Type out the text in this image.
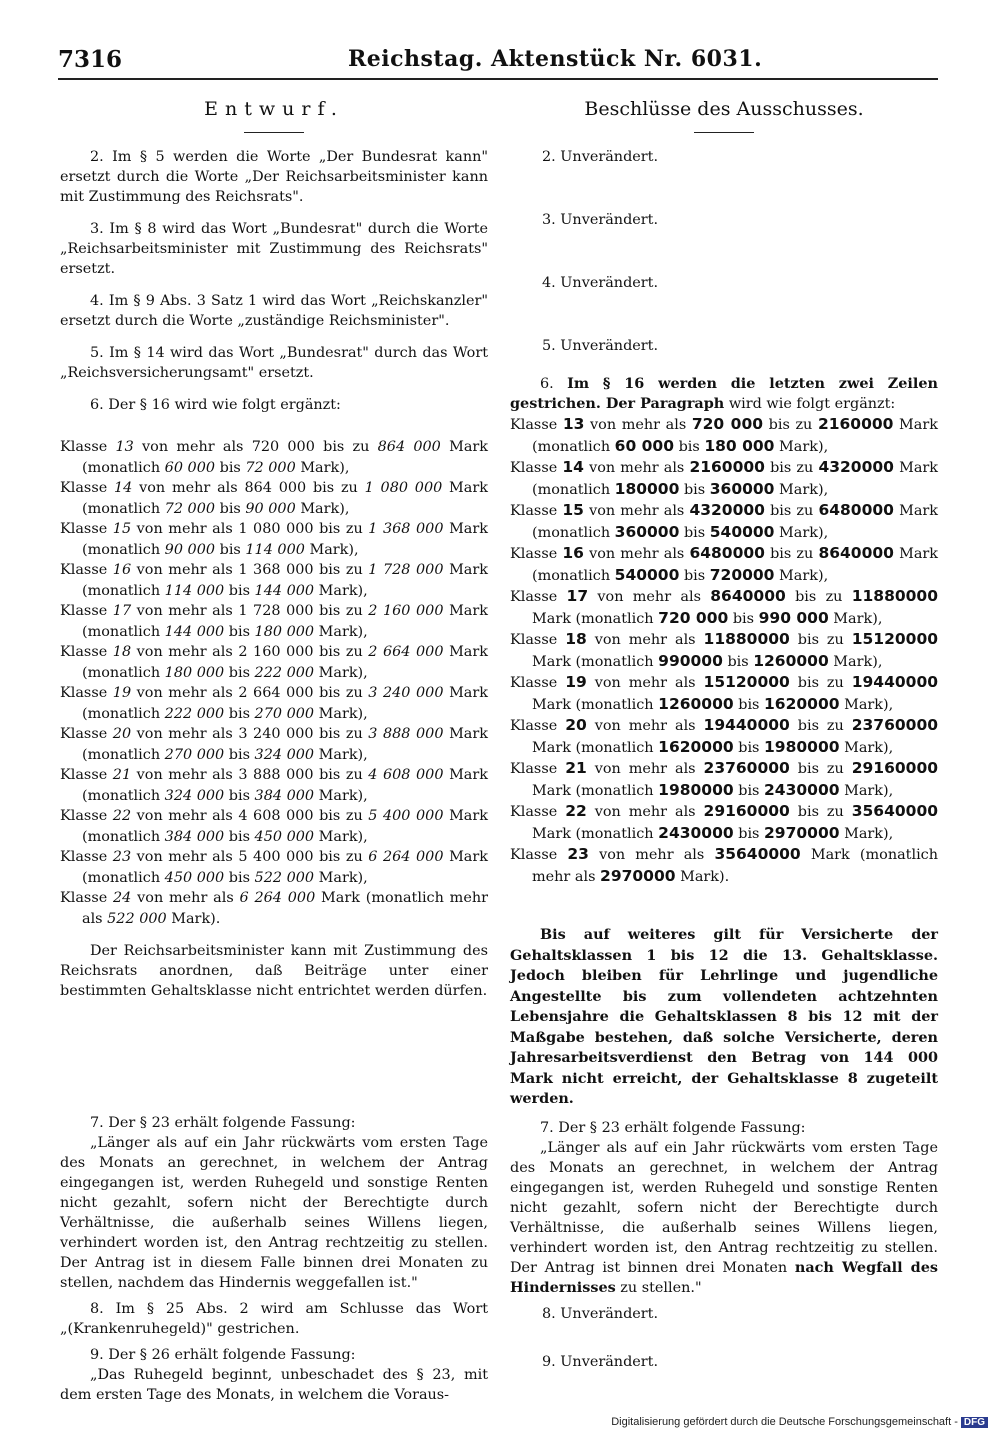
7316	Reichstag. Aktenstück Nr. 6031.
Entwurf.

2. Im § 5 werden die Worte „Der Bundesrat kann" ersetzt durch die Worte „Der Reichsarbeitsminister kann mit Zustimmung des Reichsrats".

3. Im § 8 wird das Wort „Bundesrat" durch die Worte „Reichsarbeitsminister mit Zustimmung des Reichsrats" ersetzt.

4. Im § 9 Abs. 3 Satz 1 wird das Wort „Reichskanzler" ersetzt durch die Worte „zuständige Reichsminister".

5. Im § 14 wird das Wort „Bundesrat" durch das Wort „Reichsversicherungsamt" ersetzt.

6. Der § 16 wird wie folgt ergänzt:

Klasse 13 von mehr als 720 000 bis zu 864 000 Mark (monatlich 60 000 bis 72 000 Mark),
Klasse 14 von mehr als 864 000 bis zu 1 080 000 Mark (monatlich 72 000 bis 90 000 Mark),
Klasse 15 von mehr als 1 080 000 bis zu 1 368 000 Mark (monatlich 90 000 bis 114 000 Mark),
Klasse 16 von mehr als 1 368 000 bis zu 1 728 000 Mark (monatlich 114 000 bis 144 000 Mark),
Klasse 17 von mehr als 1 728 000 bis zu 2 160 000 Mark (monatlich 144 000 bis 180 000 Mark),
Klasse 18 von mehr als 2 160 000 bis zu 2 664 000 Mark (monatlich 180 000 bis 222 000 Mark),
Klasse 19 von mehr als 2 664 000 bis zu 3 240 000 Mark (monatlich 222 000 bis 270 000 Mark),
Klasse 20 von mehr als 3 240 000 bis zu 3 888 000 Mark (monatlich 270 000 bis 324 000 Mark),
Klasse 21 von mehr als 3 888 000 bis zu 4 608 000 Mark (monatlich 324 000 bis 384 000 Mark),
Klasse 22 von mehr als 4 608 000 bis zu 5 400 000 Mark (monatlich 384 000 bis 450 000 Mark),
Klasse 23 von mehr als 5 400 000 bis zu 6 264 000 Mark (monatlich 450 000 bis 522 000 Mark),
Klasse 24 von mehr als 6 264 000 Mark (monatlich mehr als 522 000 Mark).

Der Reichsarbeitsminister kann mit Zustimmung des Reichsrats anordnen, daß Beiträge unter einer bestimmten Gehaltsklasse nicht entrichtet werden dürfen.

7. Der § 23 erhält folgende Fassung:

„Länger als auf ein Jahr rückwärts vom ersten Tage des Monats an gerechnet, in welchem der Antrag eingegangen ist, werden Ruhegeld und sonstige Renten nicht gezahlt, sofern nicht der Berechtigte durch Verhältnisse, die außerhalb seines Willens liegen, verhindert worden ist, den Antrag rechtzeitig zu stellen. Der Antrag ist in diesem Falle binnen drei Monaten zu stellen, nachdem das Hindernis weggefallen ist."

8. Im § 25 Abs. 2 wird am Schlusse das Wort „(Krankenruhegeld)" gestrichen.

9. Der § 26 erhält folgende Fassung:

„Das Ruhegeld beginnt, unbeschadet des § 23, mit dem ersten Tage des Monats, in welchem die Voraus-

Beschlüsse des Ausschusses.

2. Unverändert.

3. Unverändert.

4. Unverändert.

5. Unverändert.

6. Im § 16 werden die letzten zwei Zeilen gestrichen. Der Paragraph wird wie folgt ergänzt:

Klasse 13 von mehr als 720 000 bis zu 2160000 Mark (monatlich 60 000 bis 180 000 Mark),
Klasse 14 von mehr als 2160000 bis zu 4320000 Mark (monatlich 180000 bis 360000 Mark),
Klasse 15 von mehr als 4320000 bis zu 6480000 Mark (monatlich 360000 bis 540000 Mark),
Klasse 16 von mehr als 6480000 bis zu 8640000 Mark (monatlich 540000 bis 720000 Mark),
Klasse 17 von mehr als 8640000 bis zu 11880000 Mark (monatlich 720 000 bis 990 000 Mark),
Klasse 18 von mehr als 11880000 bis zu 15120000 Mark (monatlich 990000 bis 1260000 Mark),
Klasse 19 von mehr als 15120000 bis zu 19440000 Mark (monatlich 1260000 bis 1620000 Mark),
Klasse 20 von mehr als 19440000 bis zu 23760000 Mark (monatlich 1620000 bis 1980000 Mark),
Klasse 21 von mehr als 23760000 bis zu 29160000 Mark (monatlich 1980000 bis 2430000 Mark),
Klasse 22 von mehr als 29160000 bis zu 35640000 Mark (monatlich 2430000 bis 2970000 Mark),
Klasse 23 von mehr als 35640000 Mark (monatlich mehr als 2970000 Mark).

Bis auf weiteres gilt für Versicherte der Gehaltsklassen 1 bis 12 die 13. Gehaltsklasse. Jedoch bleiben für Lehrlinge und jugendliche Angestellte bis zum vollendeten achtzehnten Lebensjahre die Gehaltsklassen 8 bis 12 mit der Maßgabe bestehen, daß solche Versicherte, deren Jahresarbeitsverdienst den Betrag von 144 000 Mark nicht erreicht, der Gehaltsklasse 8 zugeteilt werden.

7. Der § 23 erhält folgende Fassung:

„Länger als auf ein Jahr rückwärts vom ersten Tage des Monats an gerechnet, in welchem der Antrag eingegangen ist, werden Ruhegeld und sonstige Renten nicht gezahlt, sofern nicht der Berechtigte durch Verhältnisse, die außerhalb seines Willens liegen, verhindert worden ist, den Antrag rechtzeitig zu stellen. Der Antrag ist binnen drei Monaten nach Wegfall des Hindernisses zu stellen."

8. Unverändert.

9. Unverändert.

Digitalisierung gefördert durch die Deutsche Forschungsgemeinschaft - DFG
